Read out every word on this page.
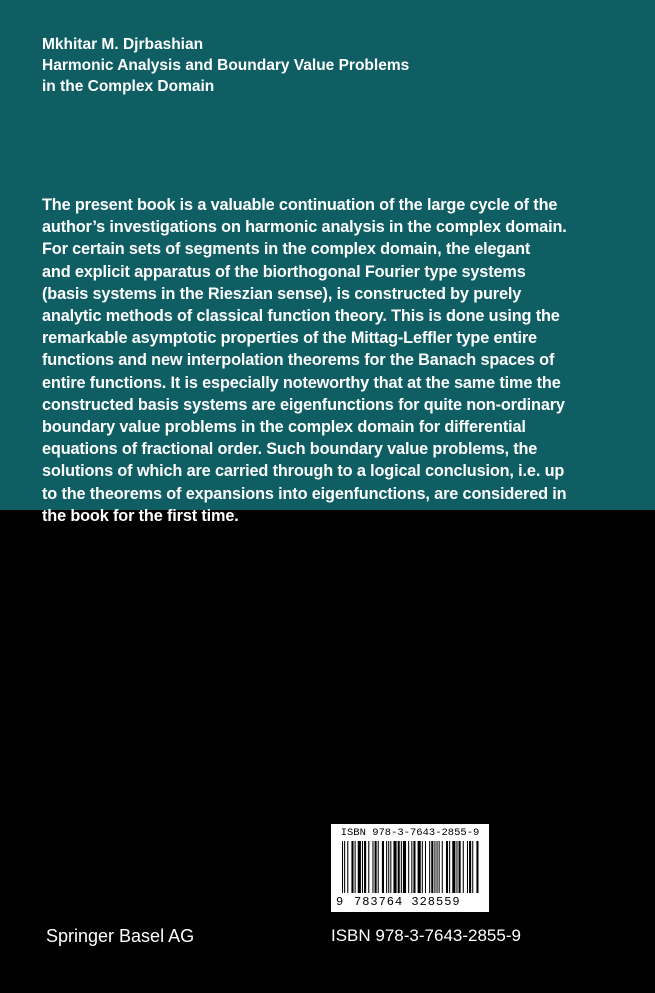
Mkhitar M. Djrbashian
Harmonic Analysis and Boundary Value Problems
in the Complex Domain

The present book is a valuable continuation of the large cycle of the
author’s investigations on harmonic analysis in the complex domain.
For certain sets of segments in the complex domain, the elegant
and explicit apparatus of the biorthogonal Fourier type systems
(basis systems in the Rieszian sense), is constructed by purely
analytic methods of classical function theory. This is done using the
remarkable asymptotic properties of the Mittag-Leffler type entire
functions and new interpolation theorems for the Banach spaces of
entire functions. It is especially noteworthy that at the same time the
constructed basis systems are eigenfunctions for quite non-ordinary
boundary value problems in the complex domain for differential
equations of fractional order. Such boundary value problems, the
solutions of which are carried through to a logical conclusion, i.e. up
to the theorems of expansions into eigenfunctions, are considered in
the book for the first time.

ISBN 978-3-7643-2855-9
9 783764 328559
Springer Basel AG	ISBN 978-3-7643-2855-9
